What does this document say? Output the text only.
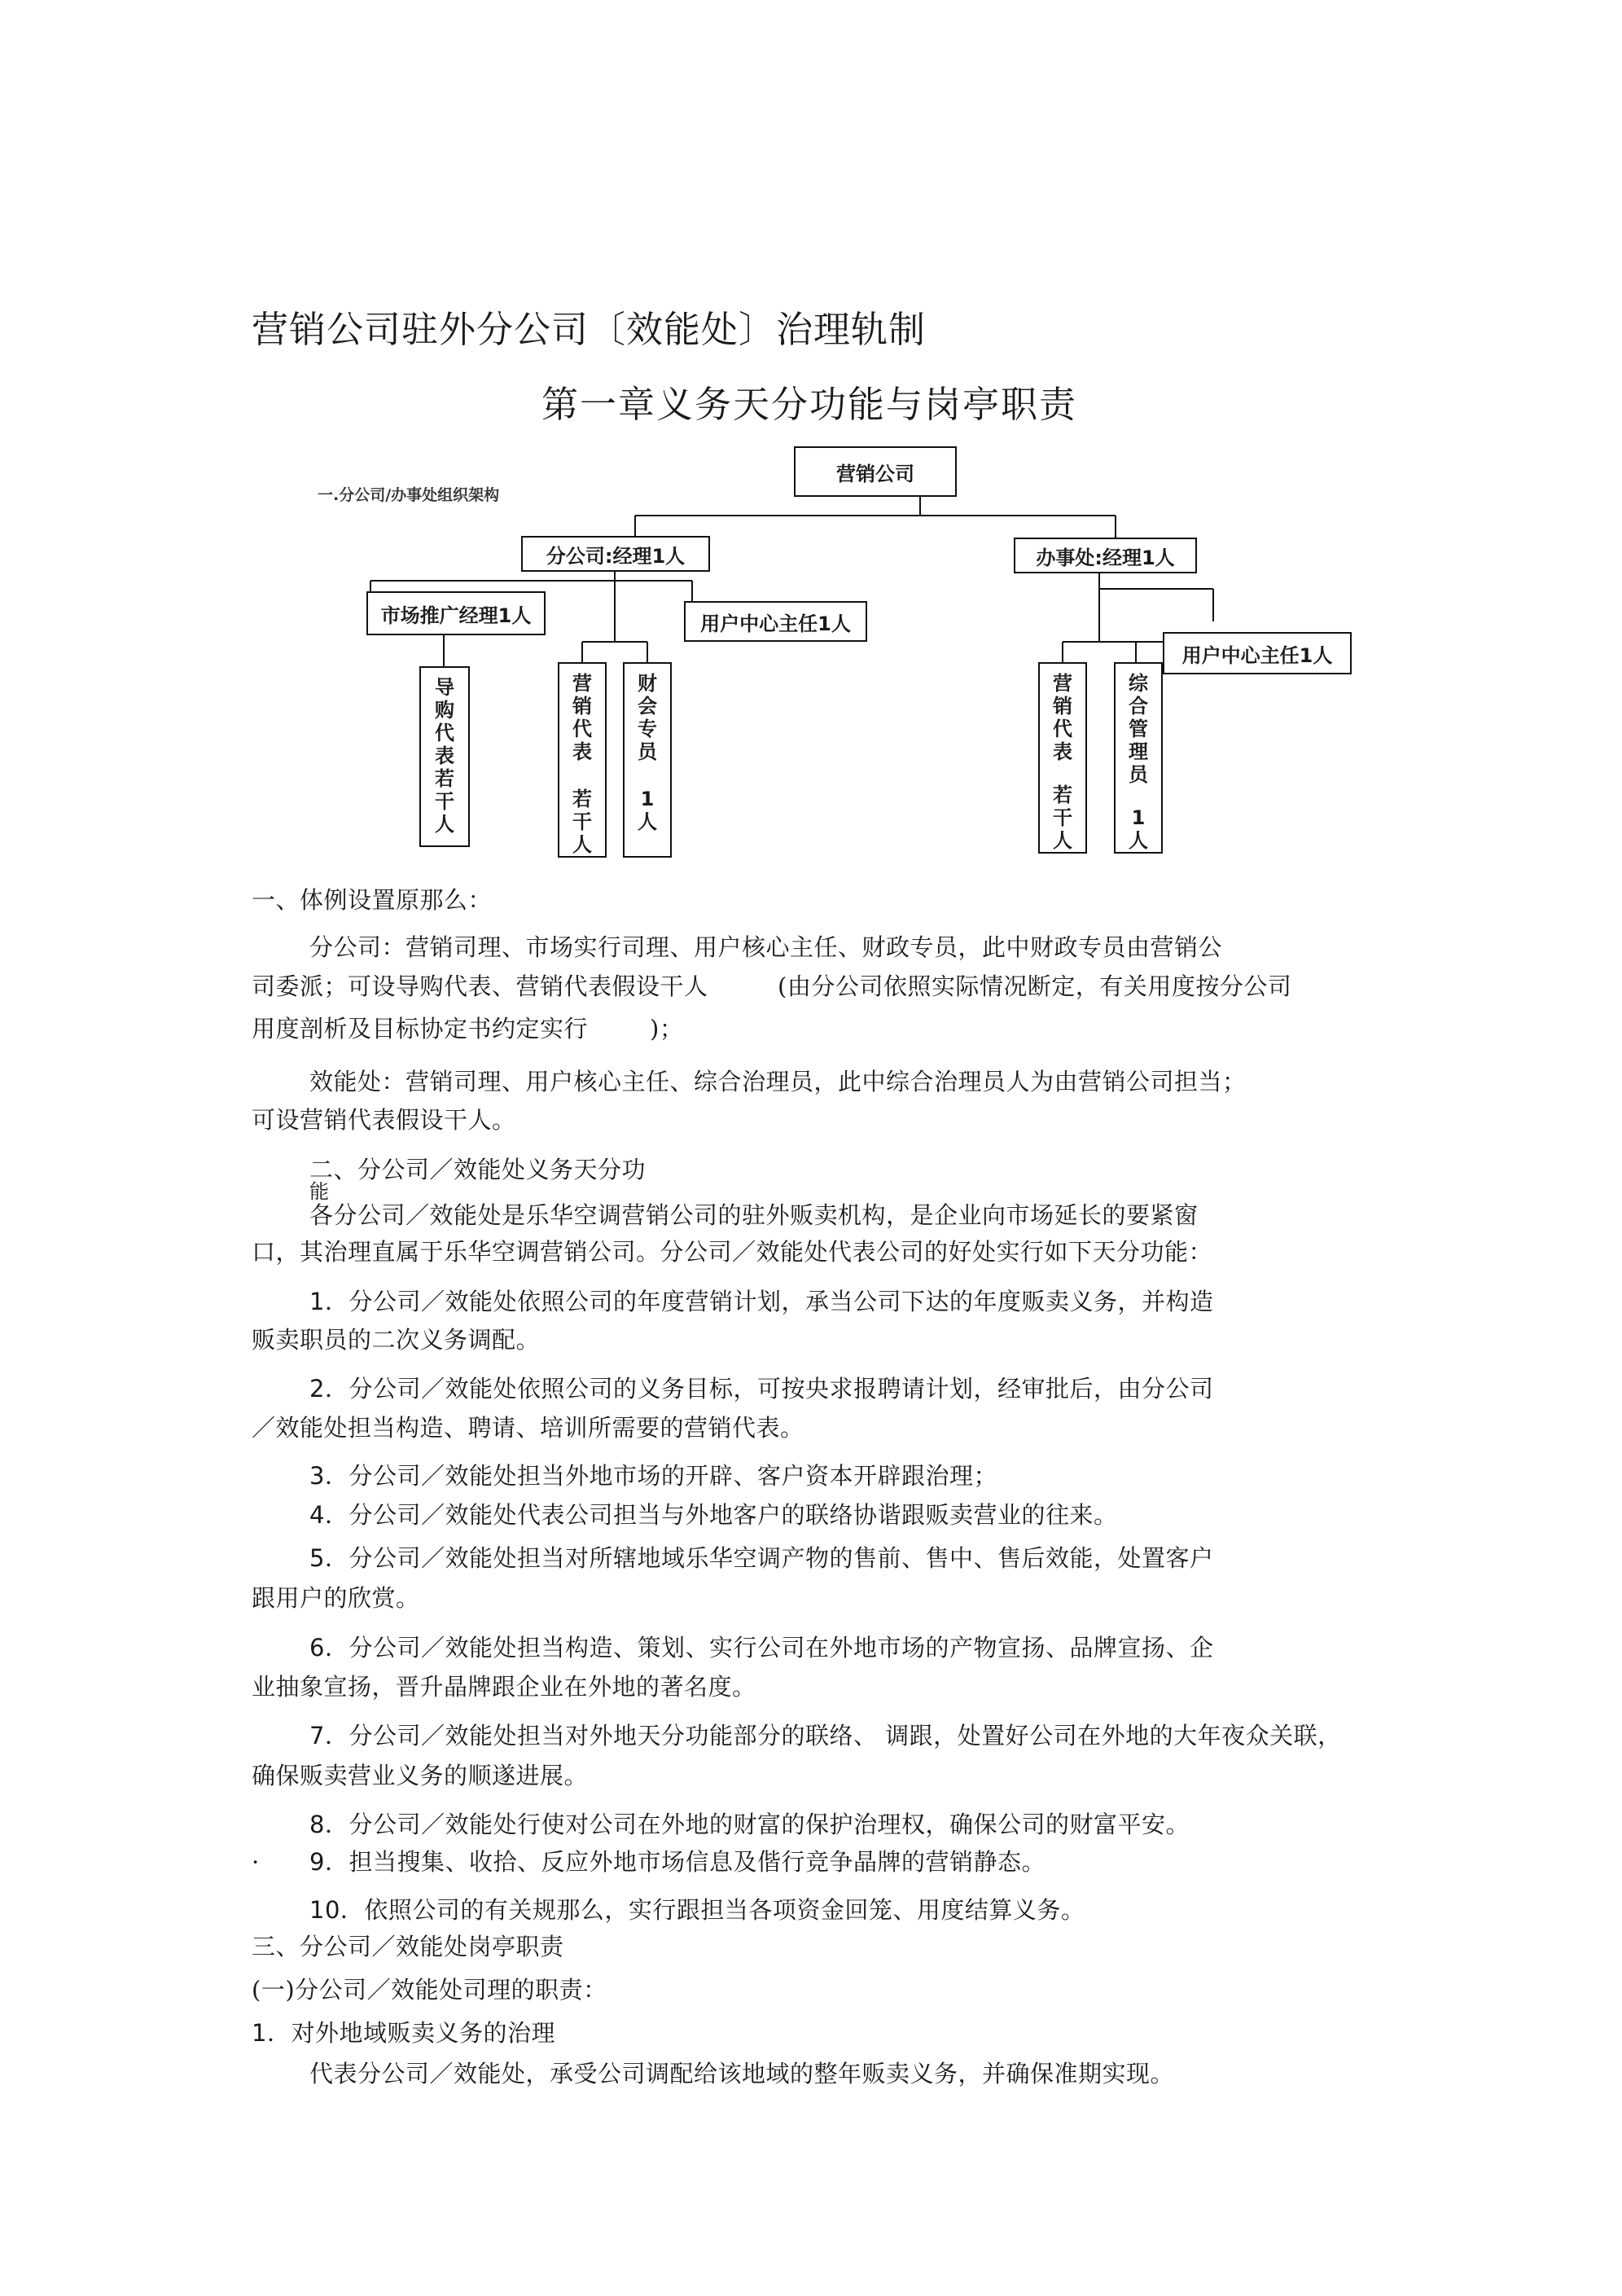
营销公司驻外分公司〔效能处〕治理轨制
第一章义务天分功能与岗亭职责
一.分公司/办事处组织架构
营销公司
分公司:经理1人	办事处:经理1人
市场推广经理1人	用户中心主任1人
用户中心主任1人
导
购
代
表
若
干
人
营
销
代
表
若
干
人
财
会
专
员
1
人
营
销
代
表
若
干
人
综
合
管
理
员
1
人
一、体例设置原那么：
分公司：营销司理、市场实行司理、用户核心主任、财政专员，此中财政专员由营销公
司委派；可设导购代表、营销代表假设干人	(由分公司依照实际情况断定，有关用度按分公司
用度剖析及目标协定书约定实行	)；
效能处：营销司理、用户核心主任、综合治理员，此中综合治理员人为由营销公司担当；
可设营销代表假设干人。
二、分公司／效能处义务天分功
能
各分公司／效能处是乐华空调营销公司的驻外贩卖机构，是企业向市场延长的要紧窗
口，其治理直属于乐华空调营销公司。分公司／效能处代表公司的好处实行如下天分功能：
1．分公司／效能处依照公司的年度营销计划，承当公司下达的年度贩卖义务，并构造
贩卖职员的二次义务调配。
2．分公司／效能处依照公司的义务目标，可按央求报聘请计划，经审批后，由分公司
／效能处担当构造、聘请、培训所需要的营销代表。
3．分公司／效能处担当外地市场的开辟、客户资本开辟跟治理；
4．分公司／效能处代表公司担当与外地客户的联络协谐跟贩卖营业的往来。
5．分公司／效能处担当对所辖地域乐华空调产物的售前、售中、售后效能，处置客户
跟用户的欣赏。
6．分公司／效能处担当构造、策划、实行公司在外地市场的产物宣扬、品牌宣扬、企
业抽象宣扬，晋升晶牌跟企业在外地的著名度。
7．分公司／效能处担当对外地天分功能部分的联络、 调跟，处置好公司在外地的大年夜众关联，
确保贩卖营业义务的顺遂进展。
8．分公司／效能处行使对公司在外地的财富的保护治理权，确保公司的财富平安。
· 9．担当搜集、收拾、反应外地市场信息及偕行竞争晶牌的营销静态。
10．依照公司的有关规那么，实行跟担当各项资金回笼、用度结算义务。
三、分公司／效能处岗亭职责
(一)分公司／效能处司理的职责：
1．对外地域贩卖义务的治理
代表分公司／效能处，承受公司调配给该地域的整年贩卖义务，并确保准期实现。
